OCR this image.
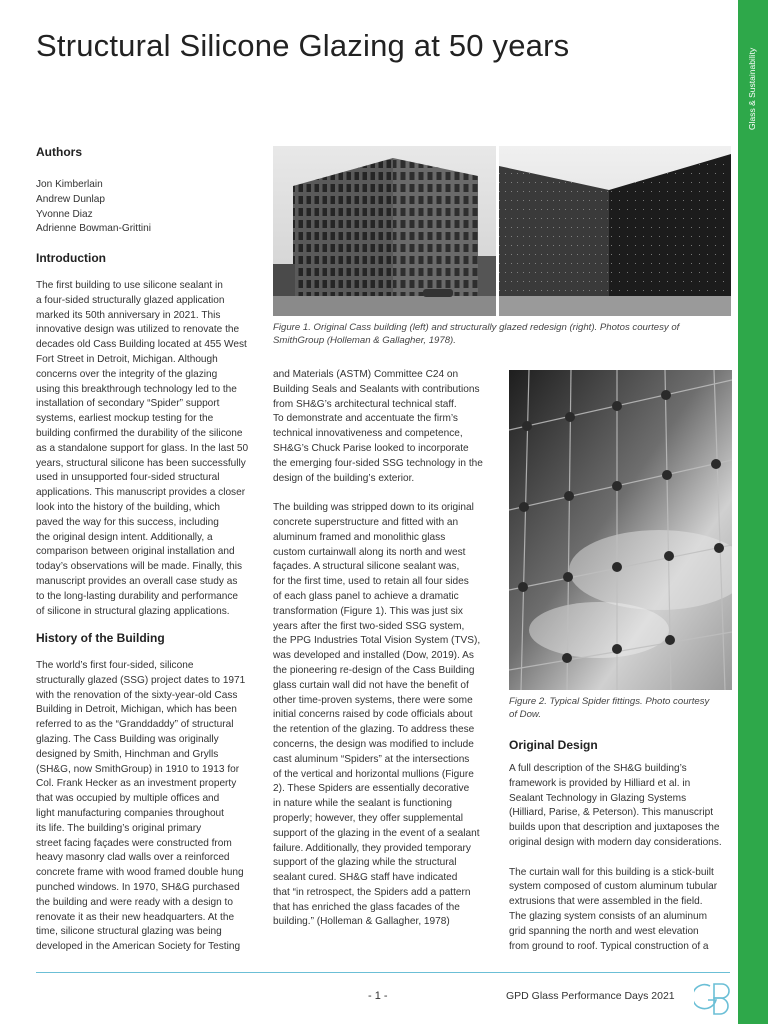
Glass & Sustainability
Structural Silicone Glazing at 50 years
Authors
Jon Kimberlain
Andrew Dunlap
Yvonne Diaz
Adrienne Bowman-Grittini
Introduction
The first building to use silicone sealant in
a four-sided structurally glazed application
marked its 50th anniversary in 2021. This
innovative design was utilized to renovate the
decades old Cass Building located at 455 West
Fort Street in Detroit, Michigan. Although
concerns over the integrity of the glazing
using this breakthrough technology led to the
installation of secondary “Spider” support
systems, earliest mockup testing for the
building confirmed the durability of the silicone
as a standalone support for glass. In the last 50
years, structural silicone has been successfully
used in unsupported four-sided structural
applications. This manuscript provides a closer
look into the history of the building, which
paved the way for this success, including
the original design intent. Additionally, a
comparison between original installation and
today’s observations will be made. Finally, this
manuscript provides an overall case study as
to the long-lasting durability and performance
of silicone in structural glazing applications.
History of the Building
The world’s first four-sided, silicone
structurally glazed (SSG) project dates to 1971
with the renovation of the sixty-year-old Cass
Building in Detroit, Michigan, which has been
referred to as the “Granddaddy” of structural
glazing. The Cass Building was originally
designed by Smith, Hinchman and Grylls
(SH&G, now SmithGroup) in 1910 to 1913 for
Col. Frank Hecker as an investment property
that was occupied by multiple offices and
light manufacturing companies throughout
its life. The building’s original primary
street facing façades were constructed from
heavy masonry clad walls over a reinforced
concrete frame with wood framed double hung
punched windows. In 1970, SH&G purchased
the building and were ready with a design to
renovate it as their new headquarters. At the
time, silicone structural glazing was being
developed in the American Society for Testing
Figure 1. Original Cass building (left) and structurally glazed redesign (right). Photos courtesy of
SmithGroup (Holleman & Gallagher, 1978).
and Materials (ASTM) Committee C24 on
Building Seals and Sealants with contributions
from SH&G’s architectural technical staff.
To demonstrate and accentuate the firm’s
technical innovativeness and competence,
SH&G’s Chuck Parise looked to incorporate
the emerging four-sided SSG technology in the
design of the building’s exterior.
The building was stripped down to its original
concrete superstructure and fitted with an
aluminum framed and monolithic glass
custom curtainwall along its north and west
façades. A structural silicone sealant was,
for the first time, used to retain all four sides
of each glass panel to achieve a dramatic
transformation (Figure 1). This was just six
years after the first two-sided SSG system,
the PPG Industries Total Vision System (TVS),
was developed and installed (Dow, 2019). As
the pioneering re-design of the Cass Building
glass curtain wall did not have the benefit of
other time-proven systems, there were some
initial concerns raised by code officials about
the retention of the glazing. To address these
concerns, the design was modified to include
cast aluminum “Spiders” at the intersections
of the vertical and horizontal mullions (Figure
2). These Spiders are essentially decorative
in nature while the sealant is functioning
properly; however, they offer supplemental
support of the glazing in the event of a sealant
failure. Additionally, they provided temporary
support of the glazing while the structural
sealant cured. SH&G staff have indicated
that “in retrospect, the Spiders add a pattern
that has enriched the glass facades of the
building.” (Holleman & Gallagher, 1978)
Figure 2. Typical Spider fittings. Photo courtesy
of Dow.
Original Design
A full description of the SH&G building’s
framework is provided by Hilliard et al. in
Sealant Technology in Glazing Systems
(Hilliard, Parise, & Peterson). This manuscript
builds upon that description and juxtaposes the
original design with modern day considerations.
The curtain wall for this building is a stick-built
system composed of custom aluminum tubular
extrusions that were assembled in the field.
The glazing system consists of an aluminum
grid spanning the north and west elevation
from ground to roof. Typical construction of a
- 1 -	GPD Glass Performance Days 2021
